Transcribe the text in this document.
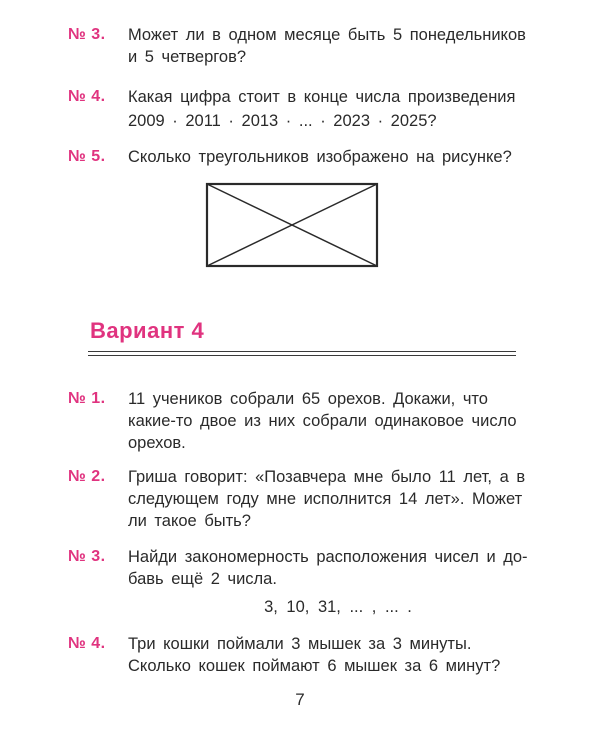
№ 3. Может ли в одном месяце быть 5 понедельников
и 5 четвергов?
№ 4. Какая цифра стоит в конце числа произведения
2009 · 2011 · 2013 · ... · 2023 · 2025?
№ 5. Сколько треугольников изображено на рисунке?
Вариант 4
№ 1. 11 учеников собрали 65 орехов. Докажи, что
какие-то двое из них собрали одинаковое число
орехов.
№ 2. Гриша говорит: «Позавчера мне было 11 лет, а в
следующем году мне исполнится 14 лет». Может
ли такое быть?
№ 3. Найди закономерность расположения чисел и до-
бавь ещё 2 числа.
3, 10, 31, ... , ... .
№ 4. Три кошки поймали 3 мышек за 3 минуты.
Сколько кошек поймают 6 мышек за 6 минут?
7
